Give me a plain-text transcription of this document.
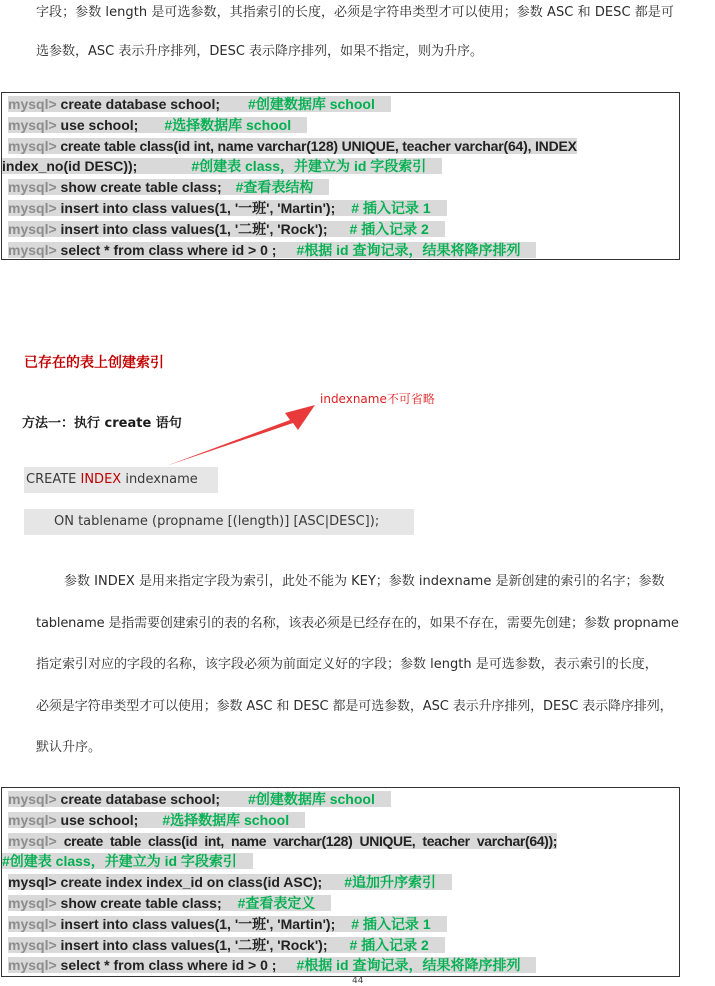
字段；参数 length 是可选参数，其指索引的长度，必须是字符串类型才可以使用；参数 ASC 和 DESC 都是可
选参数，ASC 表示升序排列，DESC 表示降序排列，如果不指定，则为升序。
mysql> create database school; #创建数据库 school
mysql> use school; #选择数据库 school
mysql> create table class(id int, name varchar(128) UNIQUE, teacher varchar(64), INDEX
index_no(id DESC));	#创建表 class，并建立为 id 字段索引
mysql> show create table class; #查看表结构
mysql> insert into class values(1, '一班', 'Martin'); # 插入记录 1
mysql> insert into class values(1, '二班', 'Rock'); # 插入记录 2
mysql> select * from class where id > 0 ; #根据 id 查询记录，结果将降序排列
已存在的表上创建索引
indexname不可省略
方法一：执行 create 语句
CREATE INDEX indexname
ON tablename (propname [(length)] [ASC|DESC]);
参数 INDEX 是用来指定字段为索引，此处不能为 KEY；参数 indexname 是新创建的索引的名字；参数
tablename 是指需要创建索引的表的名称，该表必须是已经存在的，如果不存在，需要先创建；参数 propname
指定索引对应的字段的名称，该字段必须为前面定义好的字段；参数 length 是可选参数，表示索引的长度，
必须是字符串类型才可以使用；参数 ASC 和 DESC 都是可选参数，ASC 表示升序排列，DESC 表示降序排列，
默认升序。
mysql> create database school; #创建数据库 school
mysql> use school; #选择数据库 school
mysql>  create  table  class(id  int,  name  varchar(128)  UNIQUE,  teacher  varchar(64));
#创建表 class，并建立为 id 字段索引
mysql> create index index_id on class(id ASC); #追加升序索引
mysql> show create table class; #查看表定义
mysql> insert into class values(1, '一班', 'Martin'); # 插入记录 1
mysql> insert into class values(1, '二班', 'Rock'); # 插入记录 2
mysql> select * from class where id > 0 ; #根据 id 查询记录，结果将降序排列
44
